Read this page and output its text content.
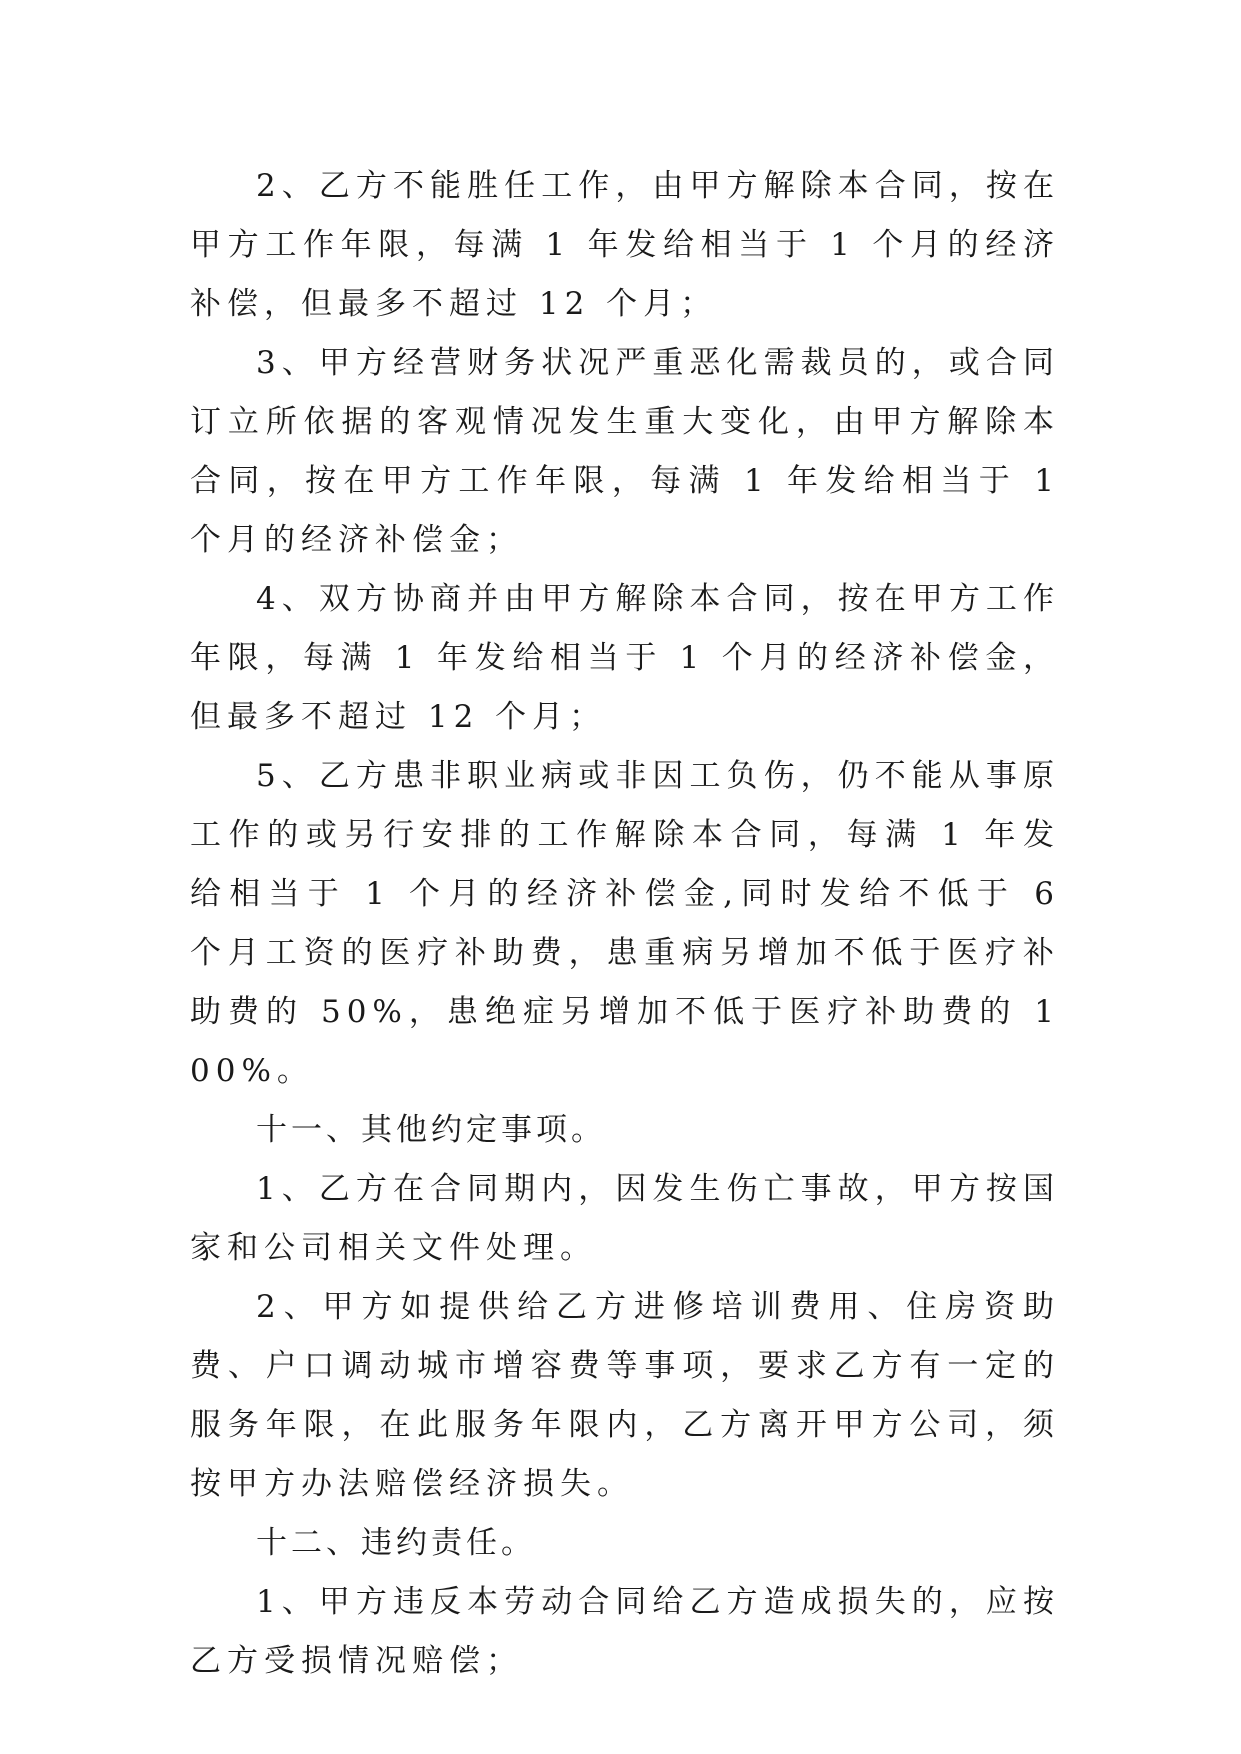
2、乙方不能胜任工作，由甲方解除本合同，按在甲方工作年限，每满 1 年发给相当于 1 个月的经济补偿，但最多不超过 12 个月；

3、甲方经营财务状况严重恶化需裁员的，或合同订立所依据的客观情况发生重大变化，由甲方解除本合同，按在甲方工作年限，每满 1 年发给相当于 1 个月的经济补偿金；

4、双方协商并由甲方解除本合同，按在甲方工作年限，每满 1 年发给相当于 1 个月的经济补偿金，但最多不超过 12 个月；

5、乙方患非职业病或非因工负伤，仍不能从事原工作的或另行安排的工作解除本合同，每满 1 年发给相当于 1 个月的经济补偿金,同时发给不低于 6 个月工资的医疗补助费，患重病另增加不低于医疗补助费的 50%，患绝症另增加不低于医疗补助费的 100%。

十一、其他约定事项。

1、乙方在合同期内，因发生伤亡事故，甲方按国家和公司相关文件处理。

2、甲方如提供给乙方进修培训费用、住房资助费、户口调动城市增容费等事项，要求乙方有一定的服务年限，在此服务年限内，乙方离开甲方公司，须按甲方办法赔偿经济损失。

十二、违约责任。

1、甲方违反本劳动合同给乙方造成损失的，应按乙方受损情况赔偿；
